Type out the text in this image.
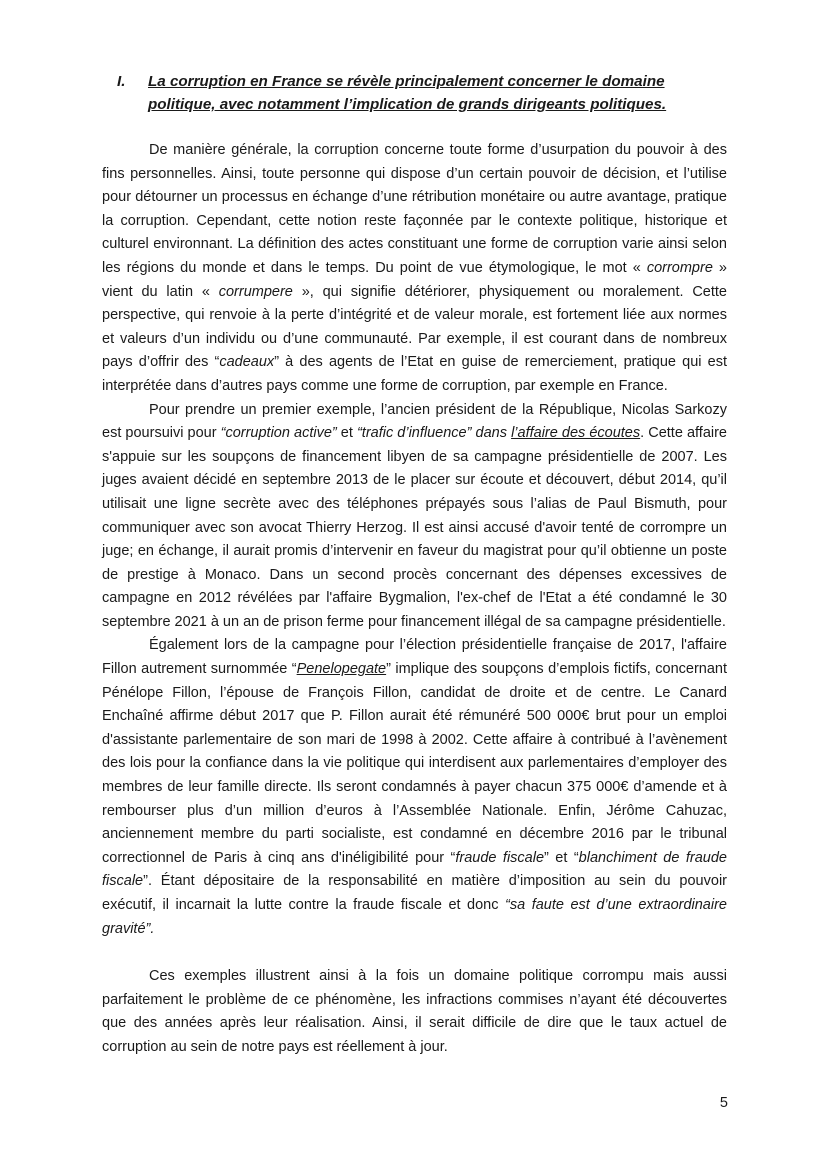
I.	La corruption en France se révèle principalement concerner le domaine politique, avec notamment l’implication de grands dirigeants politiques.

De manière générale, la corruption concerne toute forme d’usurpation du pouvoir à des fins personnelles. Ainsi, toute personne qui dispose d’un certain pouvoir de décision, et l’utilise pour détourner un processus en échange d’une rétribution monétaire ou autre avantage, pratique la corruption. Cependant, cette notion reste façonnée par le contexte politique, historique et culturel environnant. La définition des actes constituant une forme de corruption varie ainsi selon les régions du monde et dans le temps. Du point de vue étymologique, le mot « corrompre » vient du latin « corrumpere », qui signifie détériorer, physiquement ou moralement. Cette perspective, qui renvoie à la perte d’intégrité et de valeur morale, est fortement liée aux normes et valeurs d’un individu ou d’une communauté. Par exemple, il est courant dans de nombreux pays d’offrir des “cadeaux” à des agents de l’Etat en guise de remerciement, pratique qui est interprétée dans d’autres pays comme une forme de corruption, par exemple en France.

Pour prendre un premier exemple, l’ancien président de la République, Nicolas Sarkozy est poursuivi pour “corruption active” et “trafic d’influence” dans l’affaire des écoutes. Cette affaire s'appuie sur les soupçons de financement libyen de sa campagne présidentielle de 2007. Les juges avaient décidé en septembre 2013 de le placer sur écoute et découvert, début 2014, qu’il utilisait une ligne secrète avec des téléphones prépayés sous l’alias de Paul Bismuth, pour communiquer avec son avocat Thierry Herzog. Il est ainsi accusé d'avoir tenté de corrompre un juge; en échange, il aurait promis d’intervenir en faveur du magistrat pour qu’il obtienne un poste de prestige à Monaco. Dans un second procès concernant des dépenses excessives de campagne en 2012 révélées par l'affaire Bygmalion, l'ex-chef de l'Etat a été condamné le 30 septembre 2021 à un an de prison ferme pour financement illégal de sa campagne présidentielle.

Également lors de la campagne pour l’élection présidentielle française de 2017, l'affaire Fillon autrement surnommée “Penelopegate” implique des soupçons d’emplois fictifs, concernant Pénélope Fillon, l’épouse de François Fillon, candidat de droite et de centre. Le Canard Enchaîné affirme début 2017 que P. Fillon aurait été rémunéré 500 000€ brut pour un emploi d'assistante parlementaire de son mari de 1998 à 2002. Cette affaire à contribué à l’avènement des lois pour la confiance dans la vie politique qui interdisent aux parlementaires d’employer des membres de leur famille directe. Ils seront condamnés à payer chacun 375 000€ d’amende et à rembourser plus d’un million d’euros à l’Assemblée Nationale. Enfin, Jérôme Cahuzac, anciennement membre du parti socialiste, est condamné en décembre 2016 par le tribunal correctionnel de Paris à cinq ans d'inéligibilité pour “fraude fiscale” et “blanchiment de fraude fiscale”. Étant dépositaire de la responsabilité en matière d’imposition au sein du pouvoir exécutif, il incarnait la lutte contre la fraude fiscale et donc “sa faute est d’une extraordinaire gravité”.

Ces exemples illustrent ainsi à la fois un domaine politique corrompu mais aussi parfaitement le problème de ce phénomène, les infractions commises n’ayant été découvertes que des années après leur réalisation. Ainsi, il serait difficile de dire que le taux actuel de corruption au sein de notre pays est réellement à jour.

5
